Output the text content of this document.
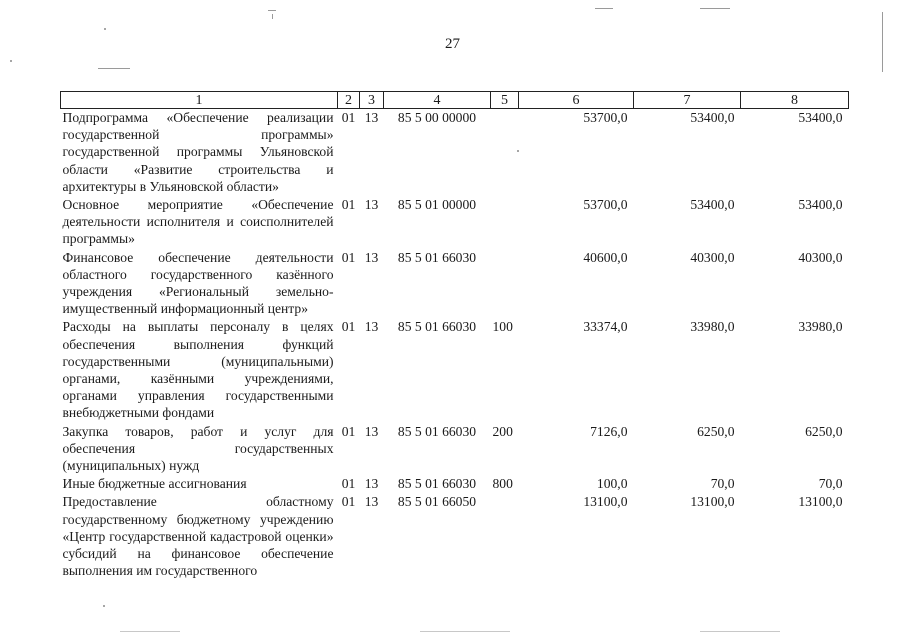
27
1	2	3	4	5	6	7	8
Подпрограмма «Обеспечение реализации государственной программы» государственной программы Ульяновской области «Развитие строительства и архитектуры в Ульяновской области»	01	13	85 5 00 00000		53700,0	53400,0	53400,0
Основное мероприятие «Обеспечение деятельности исполнителя и соисполнителей программы»	01	13	85 5 01 00000		53700,0	53400,0	53400,0
Финансовое обеспечение деятельности областного государственного казённого учреждения «Региональный земельно-имущественный информационный центр»	01	13	85 5 01 66030		40600,0	40300,0	40300,0
Расходы на выплаты персоналу в целях обеспечения выполнения функций государственными (муниципальными) органами, казёнными учреждениями, органами управления государственными внебюджетными фондами	01	13	85 5 01 66030	100	33374,0	33980,0	33980,0
Закупка товаров, работ и услуг для обеспечения государственных (муниципальных) нужд	01	13	85 5 01 66030	200	7126,0	6250,0	6250,0
Иные бюджетные ассигнования	01	13	85 5 01 66030	800	100,0	70,0	70,0
Предоставление областному государственному бюджетному учреждению «Центр государственной кадастровой оценки» субсидий на финансовое обеспечение выполнения им государственного	01	13	85 5 01 66050		13100,0	13100,0	13100,0
